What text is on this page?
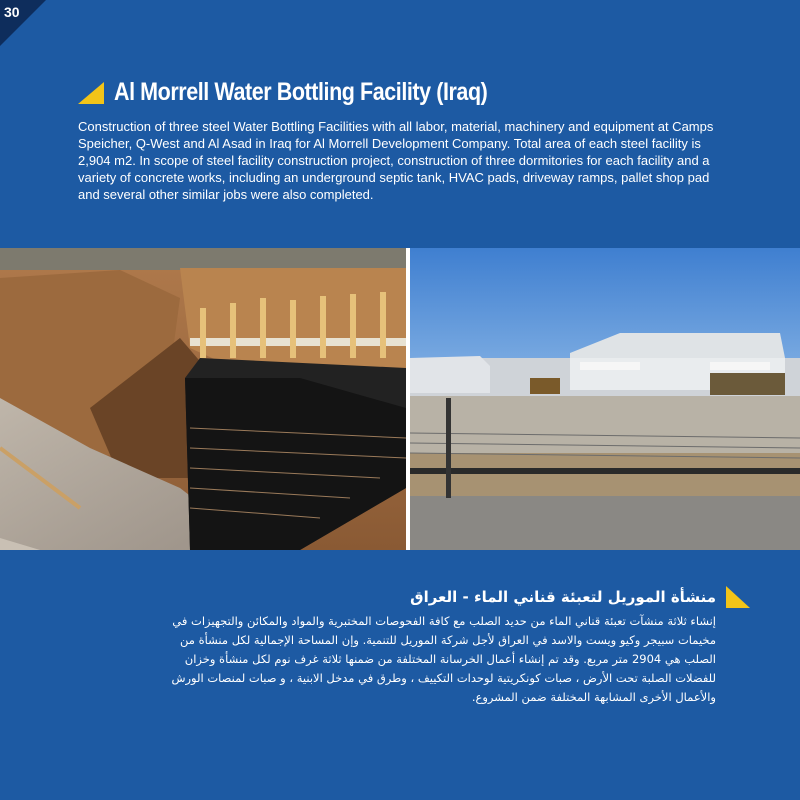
30
Al Morrell Water Bottling Facility (Iraq)
Construction of three steel Water Bottling Facilities with all labor, material, machinery and equipment at Camps Speicher, Q-West and Al Asad in Iraq for Al Morrell Development Company. Total area of each steel facility is 2,904 m2. In scope of steel facility construction project, construction of three dormitories for each facility and a variety of concrete works, including an underground septic tank, HVAC pads, driveway ramps, pallet shop pad and several other similar jobs were also completed.
منشأة الموريل لتعبئة قناني الماء - العراق
إنشاء ثلاثة منشآت تعبئة قناني الماء من حديد الصلب مع كافة الفحوصات المختبرية والمواد والمكائن والتجهيزات في مخيمات سبيجر وكيو ويست والاسد في العراق لأجل شركة الموريل للتنمية. وإن المساحة الإجمالية لكل منشأة من الصلب هي 2904 متر مربع. وقد تم إنشاء أعمال الخرسانة المختلفة من ضمنها ثلاثة غرف نوم لكل منشأة وخزان للفضلات الصلبة تحت الأرض ، صبات كونكريتية لوحدات التكييف ، وطرق في مدخل الابنية ، و صبات لمنصات الورش والأعمال الأخرى المشابهة المختلفة ضمن المشروع.
